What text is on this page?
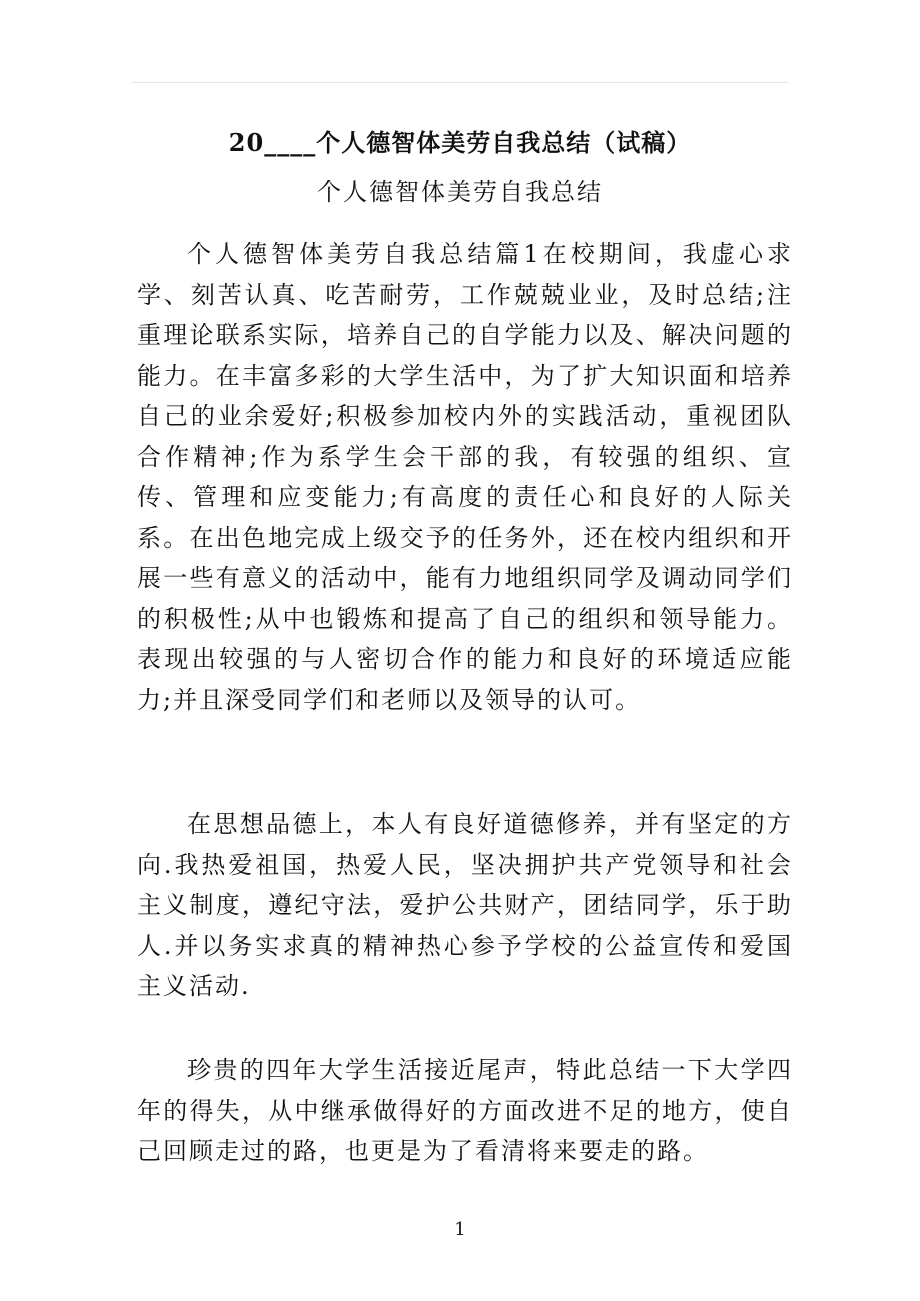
20____个人德智体美劳自我总结（试稿）
个人德智体美劳自我总结

个人德智体美劳自我总结篇1在校期间，我虚心求学、刻苦认真、吃苦耐劳，工作兢兢业业，及时总结;注重理论联系实际，培养自己的自学能力以及、解决问题的能力。在丰富多彩的大学生活中，为了扩大知识面和培养自己的业余爱好;积极参加校内外的实践活动，重视团队合作精神;作为系学生会干部的我，有较强的组织、宣传、管理和应变能力;有高度的责任心和良好的人际关系。在出色地完成上级交予的任务外，还在校内组织和开展一些有意义的活动中，能有力地组织同学及调动同学们的积极性;从中也锻炼和提高了自己的组织和领导能力。表现出较强的与人密切合作的能力和良好的环境适应能力;并且深受同学们和老师以及领导的认可。

在思想品德上，本人有良好道德修养，并有坚定的方向.我热爱祖国，热爱人民，坚决拥护共产党领导和社会主义制度，遵纪守法，爱护公共财产，团结同学，乐于助人.并以务实求真的精神热心参予学校的公益宣传和爱国主义活动.

珍贵的四年大学生活接近尾声，特此总结一下大学四年的得失，从中继承做得好的方面改进不足的地方，使自己回顾走过的路，也更是为了看清将来要走的路。

1
